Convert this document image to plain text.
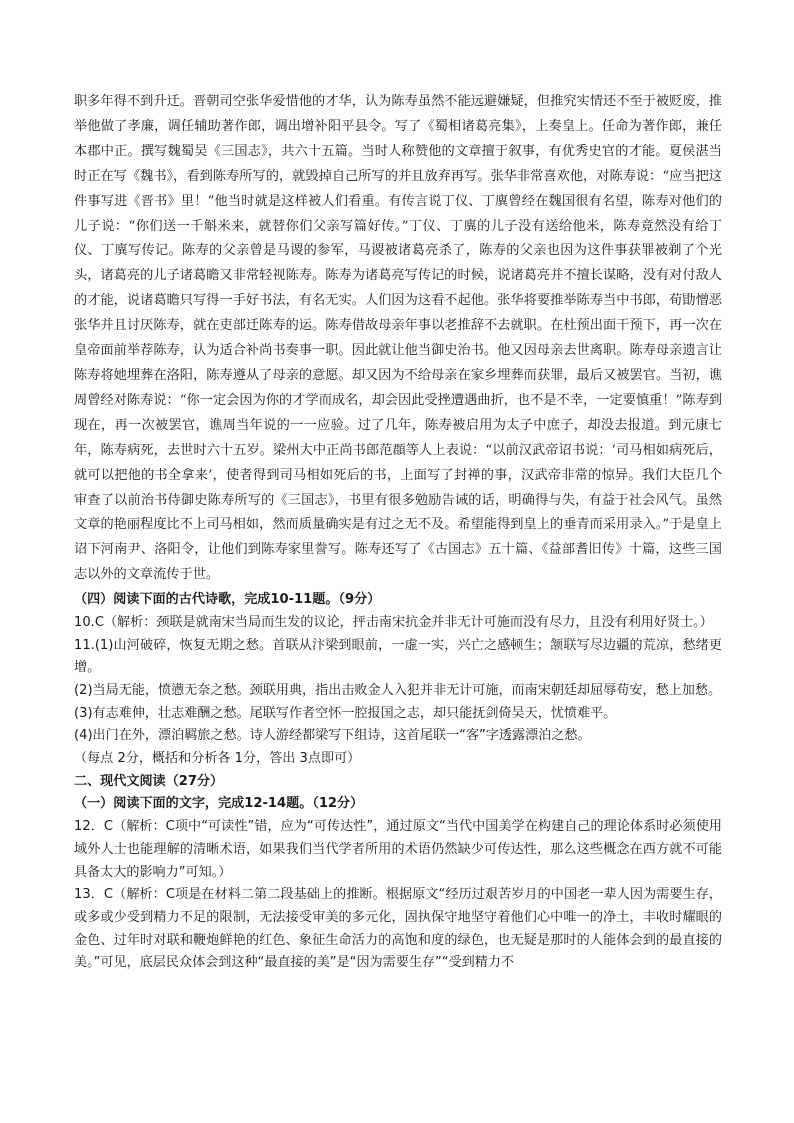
职多年得不到升迁。晋朝司空张华爱惜他的才华，认为陈寿虽然不能远避嫌疑，但推究实情还不至于被贬废，推举他做了孝廉，调任辅助著作郎，调出增补阳平县令。写了《蜀相诸葛亮集》，上奏皇上。任命为著作郎，兼任本郡中正。撰写魏蜀吴《三国志》，共六十五篇。当时人称赞他的文章擅于叙事，有优秀史官的才能。夏侯湛当时正在写《魏书》，看到陈寿所写的，就毁掉自己所写的并且放弃再写。张华非常喜欢他，对陈寿说：“应当把这件事写进《晋书》里！”他当时就是这样被人们看重。有传言说丁仪、丁廙曾经在魏国很有名望，陈寿对他们的儿子说：“你们送一千斛米来，就替你们父亲写篇好传。”丁仪、丁廙的儿子没有送给他米，陈寿竟然没有给丁仪、丁廙写传记。陈寿的父亲曾是马谡的参军，马谡被诸葛亮杀了，陈寿的父亲也因为这件事获罪被剃了个光头，诸葛亮的儿子诸葛瞻又非常轻视陈寿。陈寿为诸葛亮写传记的时候，说诸葛亮并不擅长谋略，没有对付敌人的才能，说诸葛瞻只写得一手好书法，有名无实。人们因为这看不起他。张华将要推举陈寿当中书郎，荀勖憎恶张华并且讨厌陈寿，就在吏部迁陈寿的运。陈寿借故母亲年事以老推辞不去就职。在杜预出面干预下，再一次在皇帝面前举荐陈寿，认为适合补尚书奏事一职。因此就让他当御史治书。他又因母亲去世离职。陈寿母亲遗言让陈寿将她埋葬在洛阳，陈寿遵从了母亲的意愿。却又因为不给母亲在家乡埋葬而获罪，最后又被罢官。当初，谯周曾经对陈寿说：“你一定会因为你的才学而成名，却会因此受挫遭遇曲折，也不是不幸，一定要慎重！”陈寿到现在，再一次被罢官，谯周当年说的一一应验。过了几年，陈寿被启用为太子中庶子，却没去报道。到元康七年，陈寿病死，去世时六十五岁。梁州大中正尚书郎范頵等人上表说：“以前汉武帝诏书说：‘司马相如病死后，就可以把他的书全拿来’，使者得到司马相如死后的书，上面写了封禅的事，汉武帝非常的惊异。我们大臣几个审查了以前治书侍御史陈寿所写的《三国志》，书里有很多勉励告诫的话，明确得与失，有益于社会风气。虽然文章的艳丽程度比不上司马相如，然而质量确实是有过之无不及。希望能得到皇上的垂青而采用录入。”于是皇上诏下河南尹、洛阳令，让他们到陈寿家里誊写。陈寿还写了《古国志》五十篇、《益部耆旧传》十篇，这些三国志以外的文章流传于世。

（四）阅读下面的古代诗歌，完成10-11题。（9分）

10.C（解析：颈联是就南宋当局而生发的议论，抨击南宋抗金并非无计可施而没有尽力，且没有利用好贤士。）

11.(1)山河破碎，恢复无期之愁。首联从汴梁到眼前，一虚一实，兴亡之感顿生；颔联写尽边疆的荒凉，愁绪更增。

(2)当局无能，愤懑无奈之愁。颈联用典，指出击败金人入犯并非无计可施，而南宋朝廷却屈辱苟安，愁上加愁。

(3)有志难伸，壮志难酬之愁。尾联写作者空怀一腔报国之志，却只能抚剑倚吴天，忧愤难平。

(4)出门在外，漂泊羁旅之愁。诗人游经都梁写下组诗，这首尾联一“客”字透露漂泊之愁。

（每点 2分，概括和分析各 1分，答出 3点即可）

二、现代文阅读（27分）

（一）阅读下面的文字，完成12-14题。（12分）

12．C（解析：C项中“可读性”错，应为“可传达性”，通过原文“当代中国美学在构建自己的理论体系时必须使用域外人士也能理解的清晰术语，如果我们当代学者所用的术语仍然缺少可传达性，那么这些概念在西方就不可能具备太大的影响力”可知。）

13．C（解析：C项是在材料二第二段基础上的推断。根据原文“经历过艰苦岁月的中国老一辈人因为需要生存，或多或少受到精力不足的限制，无法接受审美的多元化，固执保守地坚守着他们心中唯一的净土，丰收时耀眼的金色、过年时对联和鞭炮鲜艳的红色、象征生命活力的高饱和度的绿色，也无疑是那时的人能体会到的最直接的美。”可见，底层民众体会到这种“最直接的美”是“因为需要生存”“受到精力不
